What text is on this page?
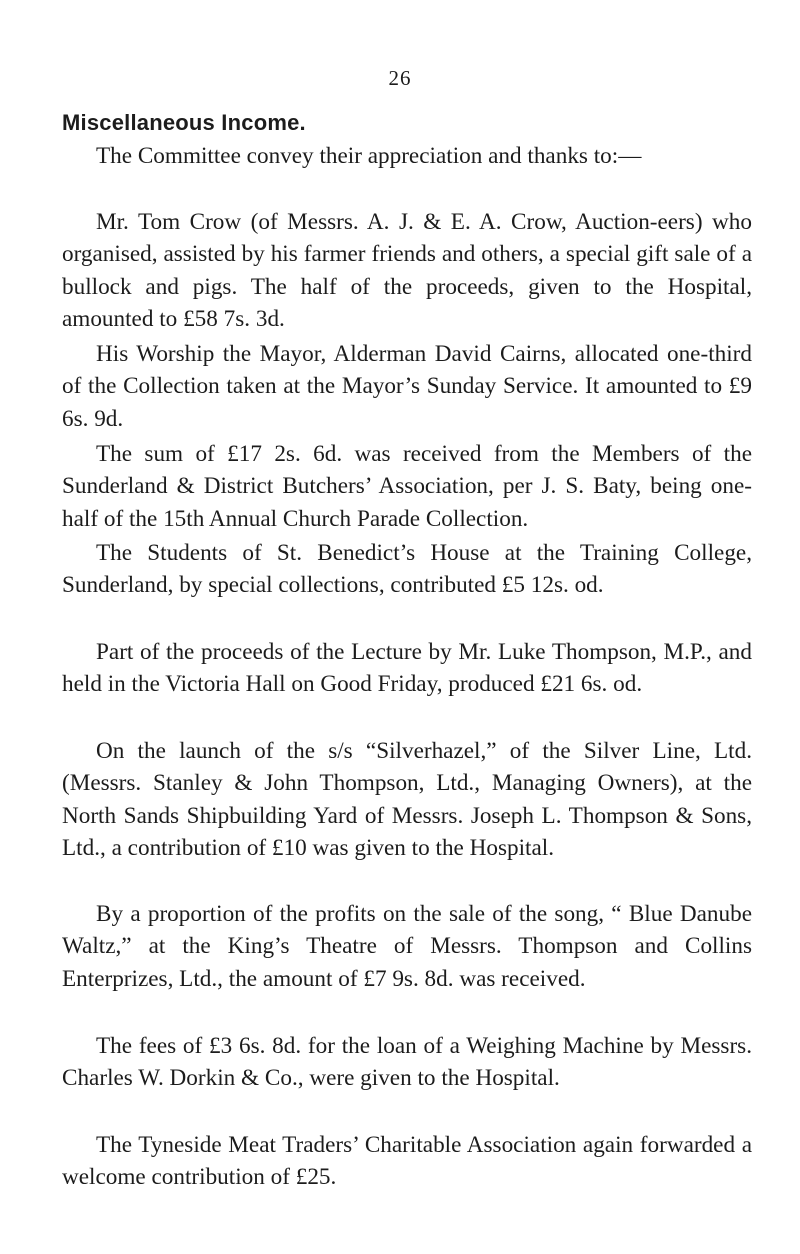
26
Miscellaneous Income.

The Committee convey their appreciation and thanks to:—

Mr. Tom Crow (of Messrs. A. J. & E. A. Crow, Auction-eers) who organised, assisted by his farmer friends and others, a special gift sale of a bullock and pigs. The half of the proceeds, given to the Hospital, amounted to £58 7s. 3d.

His Worship the Mayor, Alderman David Cairns, allocated one-third of the Collection taken at the Mayor’s Sunday Service. It amounted to £9 6s. 9d.

The sum of £17 2s. 6d. was received from the Members of the Sunderland & District Butchers’ Association, per J. S. Baty, being one-half of the 15th Annual Church Parade Collection.

The Students of St. Benedict’s House at the Training College, Sunderland, by special collections, contributed £5 12s. od.

Part of the proceeds of the Lecture by Mr. Luke Thompson, M.P., and held in the Victoria Hall on Good Friday, produced £21 6s. od.

On the launch of the s/s “Silverhazel,” of the Silver Line, Ltd. (Messrs. Stanley & John Thompson, Ltd., Managing Owners), at the North Sands Shipbuilding Yard of Messrs. Joseph L. Thompson & Sons, Ltd., a contribution of £10 was given to the Hospital.

By a proportion of the profits on the sale of the song, “ Blue Danube Waltz,” at the King’s Theatre of Messrs. Thompson and Collins Enterprizes, Ltd., the amount of £7 9s. 8d. was received.

The fees of £3 6s. 8d. for the loan of a Weighing Machine by Messrs. Charles W. Dorkin & Co., were given to the Hospital.

The Tyneside Meat Traders’ Charitable Association again forwarded a welcome contribution of £25.
